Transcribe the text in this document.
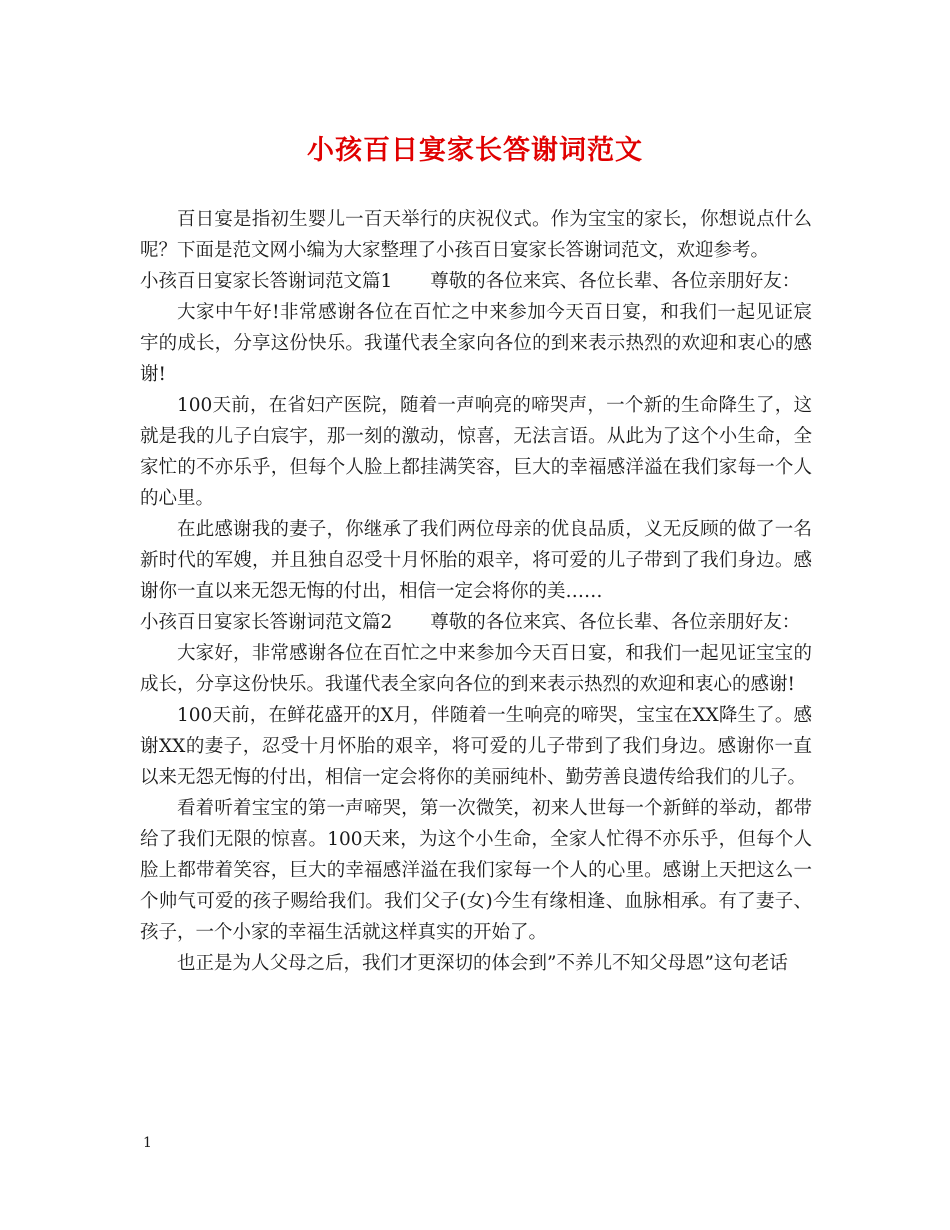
小孩百日宴家长答谢词范文

百日宴是指初生婴儿一百天举行的庆祝仪式。作为宝宝的家长，你想说点什么呢？下面是范文网小编为大家整理了小孩百日宴家长答谢词范文，欢迎参考。

小孩百日宴家长答谢词范文篇1 尊敬的各位来宾、各位长辈、各位亲朋好友：

大家中午好!非常感谢各位在百忙之中来参加今天百日宴，和我们一起见证宸宇的成长，分享这份快乐。我谨代表全家向各位的到来表示热烈的欢迎和衷心的感谢!

100天前，在省妇产医院，随着一声响亮的啼哭声，一个新的生命降生了，这就是我的儿子白宸宇，那一刻的激动，惊喜，无法言语。从此为了这个小生命，全家忙的不亦乐乎，但每个人脸上都挂满笑容，巨大的幸福感洋溢在我们家每一个人的心里。

在此感谢我的妻子，你继承了我们两位母亲的优良品质，义无反顾的做了一名新时代的军嫂，并且独自忍受十月怀胎的艰辛，将可爱的儿子带到了我们身边。感谢你一直以来无怨无悔的付出，相信一定会将你的美……

小孩百日宴家长答谢词范文篇2 尊敬的各位来宾、各位长辈、各位亲朋好友：

大家好，非常感谢各位在百忙之中来参加今天百日宴，和我们一起见证宝宝的成长，分享这份快乐。我谨代表全家向各位的到来表示热烈的欢迎和衷心的感谢!

100天前，在鲜花盛开的X月，伴随着一生响亮的啼哭，宝宝在XX降生了。感谢XX的妻子，忍受十月怀胎的艰辛，将可爱的儿子带到了我们身边。感谢你一直以来无怨无悔的付出，相信一定会将你的美丽纯朴、勤劳善良遗传给我们的儿子。

看着听着宝宝的第一声啼哭，第一次微笑，初来人世每一个新鲜的举动，都带给了我们无限的惊喜。100天来，为这个小生命，全家人忙得不亦乐乎，但每个人脸上都带着笑容，巨大的幸福感洋溢在我们家每一个人的心里。感谢上天把这么一个帅气可爱的孩子赐给我们。我们父子(女)今生有缘相逢、血脉相承。有了妻子、孩子，一个小家的幸福生活就这样真实的开始了。

也正是为人父母之后，我们才更深切的体会到”不养儿不知父母恩”这句老话

1
